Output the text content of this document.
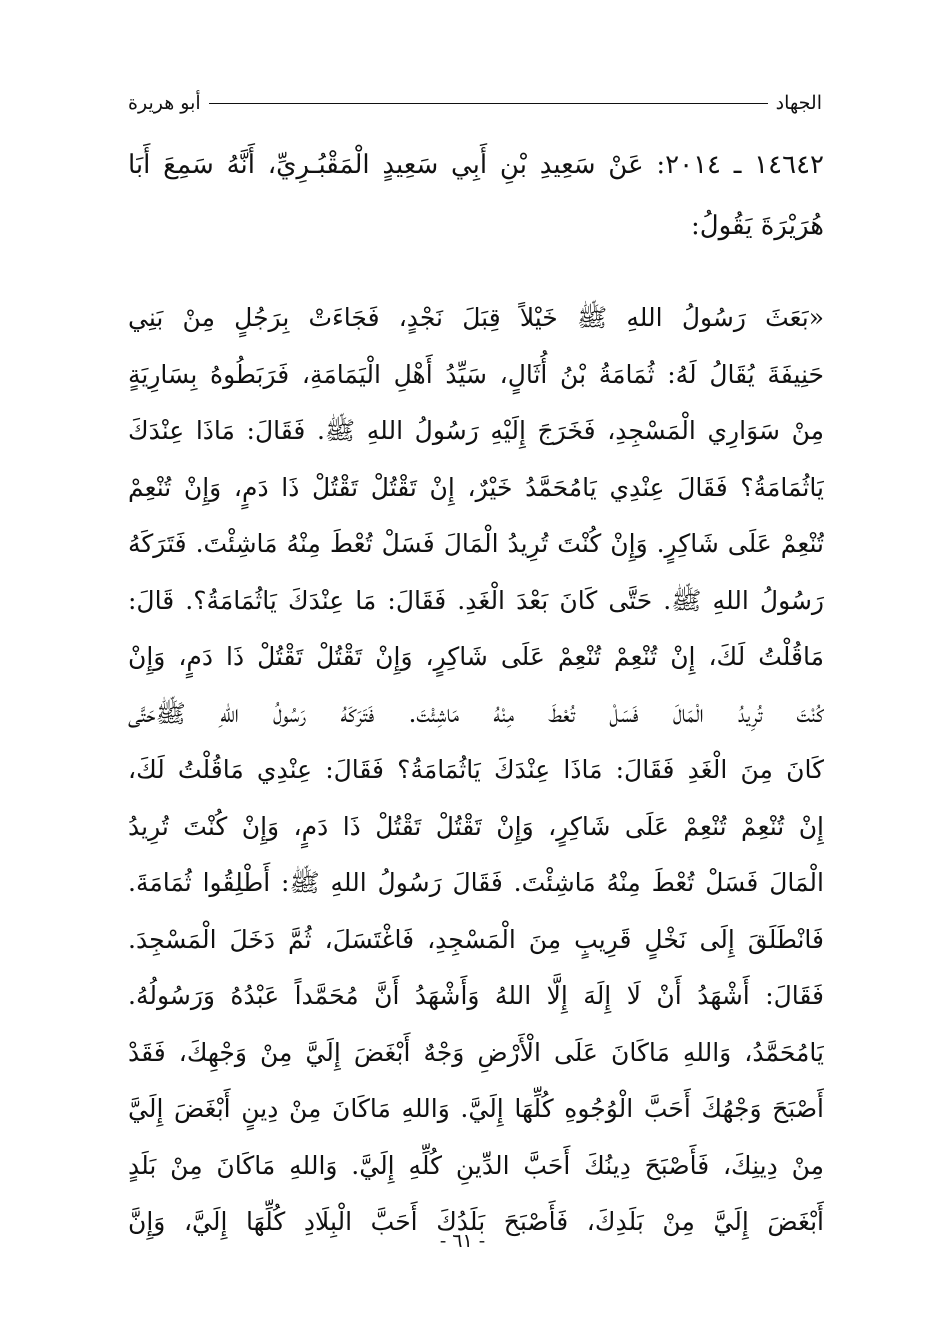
الجهاد
أبو هريرة

١٤٦٤٢ ـ ٢٠١٤: عَنْ سَعِيدِ بْنِ أَبِي سَعِيدٍ الْمَقْبُـرِيِّ، أَنَّهُ سَمِعَ أَبَا هُرَيْرَةَ يَقُولُ:

«بَعَثَ رَسُولُ اللهِ ﷺ خَيْلاً قِبَلَ نَجْدٍ، فَجَاءَتْ بِرَجُلٍ مِنْ بَنِي
حَنِيفَةَ يُقَالُ لَهُ: ثُمَامَةُ بْنُ أُثَالٍ، سَيِّدُ أَهْلِ الْيَمَامَةِ، فَرَبَطُوهُ بِسَارِيَةٍ
مِنْ سَوَارِي الْمَسْجِدِ، فَخَرَجَ إِلَيْهِ رَسُولُ اللهِ ﷺ. فَقَالَ: مَاذَا عِنْدَكَ
يَاثُمَامَةُ؟ فَقَالَ عِنْدِي يَامُحَمَّدُ خَيْرٌ، إِنْ تَقْتُلْ تَقْتُلْ ذَا دَمٍ، وَإِنْ تُنْعِمْ
تُنْعِمْ عَلَى شَاكِرٍ. وَإِنْ كُنْتَ تُرِيدُ الْمَالَ فَسَلْ تُعْطَ مِنْهُ مَاشِئْتَ. فَتَرَكَهُ
رَسُولُ اللهِ ﷺ. حَتَّى كَانَ بَعْدَ الْغَدِ. فَقَالَ: مَا عِنْدَكَ يَاثُمَامَةُ؟. قَالَ:
مَاقُلْتُ لَكَ، إِنْ تُنْعِمْ تُنْعِمْ عَلَى شَاكِرٍ، وَإِنْ تَقْتُلْ تَقْتُلْ ذَا دَمٍ، وَإِنْ
كُنْتَ تُرِيدُ الْمَالَ فَسَلْ تُعْطَ مِنْهُ مَاشِئْتَ. فَتَرَكَهُ رَسُولُ اللهِ ﷺحَتَّى
كَانَ مِنَ الْغَدِ فَقَالَ: مَاذَا عِنْدَكَ يَاثُمَامَةُ؟ فَقَالَ: عِنْدِي مَاقُلْتُ لَكَ،
إِنْ تُنْعِمْ تُنْعِمْ عَلَى شَاكِرٍ، وَإِنْ تَقْتُلْ تَقْتُلْ ذَا دَمٍ، وَإِنْ كُنْتَ تُرِيدُ
الْمَالَ فَسَلْ تُعْطَ مِنْهُ مَاشِئْتَ. فَقَالَ رَسُولُ اللهِ ﷺ: أَطْلِقُوا ثُمَامَةَ.
فَانْطَلَقَ إِلَى نَخْلٍ قَرِيبٍ مِنَ الْمَسْجِدِ، فَاغْتَسَلَ، ثُمَّ دَخَلَ الْمَسْجِدَ.
فَقَالَ: أَشْهَدُ أَنْ لَا إِلَهَ إِلَّا اللهُ وَأَشْهَدُ أَنَّ مُحَمَّداً عَبْدُهُ وَرَسُولُهُ.
يَامُحَمَّدُ، وَاللهِ مَاكَانَ عَلَى الْأَرْضِ وَجْهٌ أَبْغَضَ إِلَيَّ مِنْ وَجْهِكَ، فَقَدْ
أَصْبَحَ وَجْهُكَ أَحَبَّ الْوُجُوهِ كُلِّهَا إِلَيَّ. وَاللهِ مَاكَانَ مِنْ دِينٍ أَبْغَضَ إِلَيَّ
مِنْ دِينِكَ، فَأَصْبَحَ دِينُكَ أَحَبَّ الدِّينِ كُلِّهِ إِلَيَّ. وَاللهِ مَاكَانَ مِنْ بَلَدٍ
أَبْغَضَ إِلَيَّ مِنْ بَلَدِكَ، فَأَصْبَحَ بَلَدُكَ أَحَبَّ الْبِلَادِ كُلِّهَا إِلَيَّ، وَإِنَّ
- ٦١ -
